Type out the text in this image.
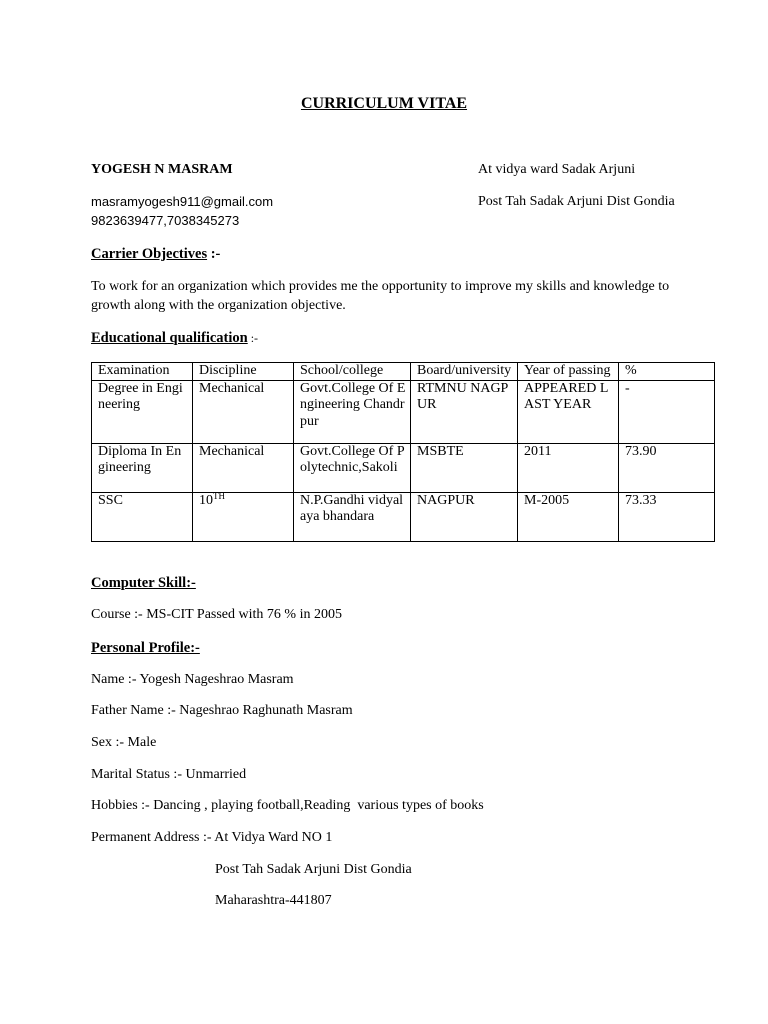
CURRICULUM VITAE
YOGESH N MASRAM	At vidya ward Sadak Arjuni
masramyogesh911@gmail.com	Post Tah Sadak Arjuni Dist Gondia
9823639477,7038345273
Carrier Objectives :-
To work for an organization which provides me the opportunity to improve my skills and knowledge to growth along with the organization objective.
Educational qualification :-
Examination	Discipline	School/college	Board/university	Year of passing	%
Degree in Engineering	Mechanical	Govt.College Of Engineering Chandrpur	RTMNU NAGPUR	APPEARED LAST YEAR	-
Diploma In Engineering	Mechanical	Govt.College Of Polytechnic,Sakoli	MSBTE	2011	73.90
SSC	10TH	N.P.Gandhi vidyalaya bhandara	NAGPUR	M-2005	73.33
Computer Skill:-
Course :- MS-CIT Passed with 76 % in 2005
Personal Profile:-
Name :- Yogesh Nageshrao Masram
Father Name :- Nageshrao Raghunath Masram
Sex :- Male
Marital Status :- Unmarried
Hobbies :- Dancing , playing football,Reading  various types of books
Permanent Address :- At Vidya Ward NO 1
Post Tah Sadak Arjuni Dist Gondia
Maharashtra-441807
